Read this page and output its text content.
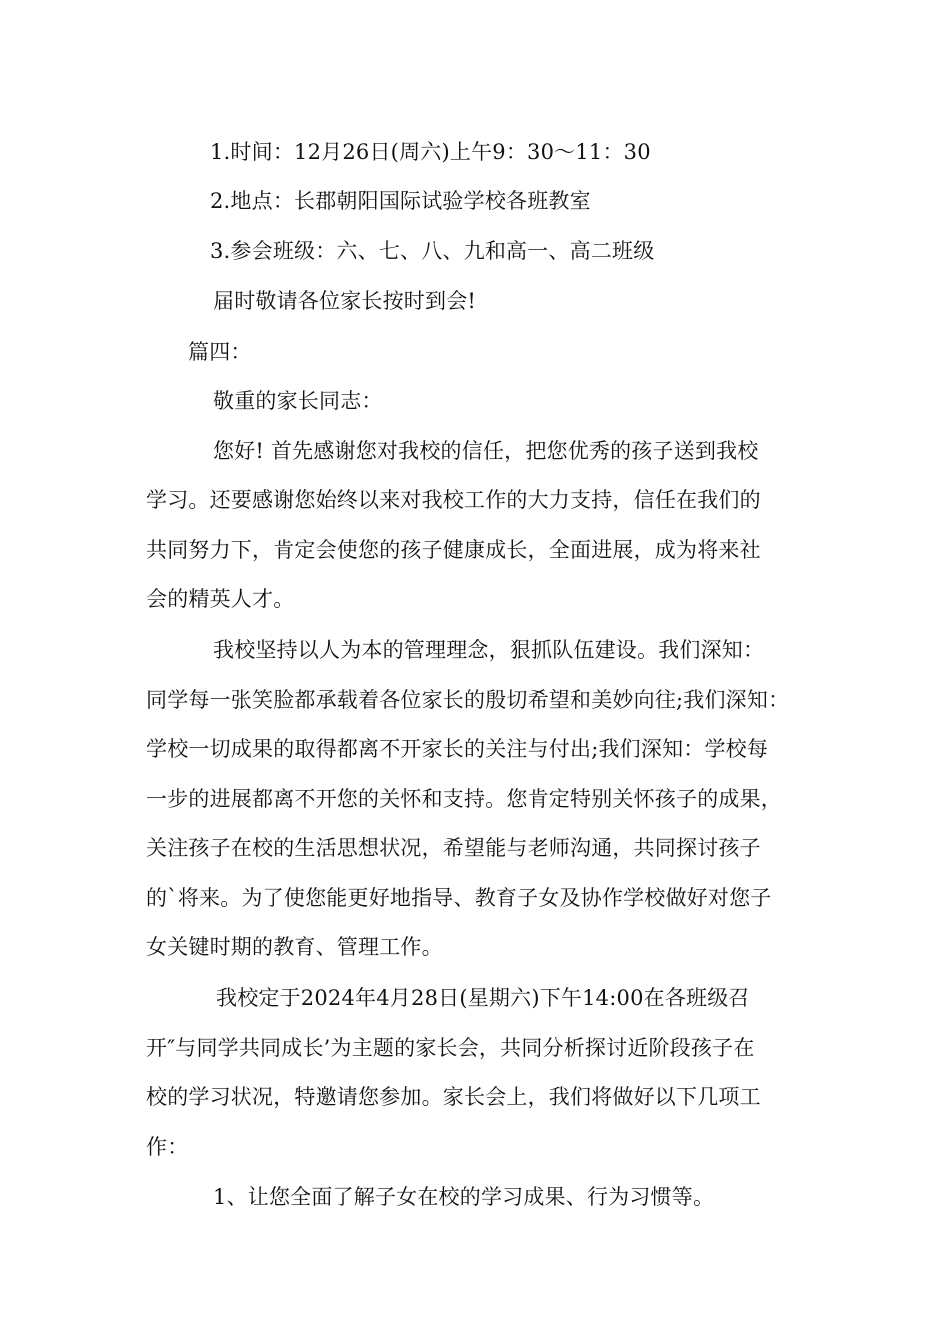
1.时间：12月26日(周六)上午9：30～11：30
2.地点：长郡朝阳国际试验学校各班教室
3.参会班级：六、七、八、九和高一、高二班级
届时敬请各位家长按时到会!
篇四：
敬重的家长同志：
您好! 首先感谢您对我校的信任，把您优秀的孩子送到我校
学习。还要感谢您始终以来对我校工作的大力支持，信任在我们的
共同努力下，肯定会使您的孩子健康成长，全面进展，成为将来社
会的精英人才。
我校坚持以人为本的管理理念，狠抓队伍建设。我们深知：
同学每一张笑脸都承载着各位家长的殷切希望和美妙向往;我们深知：
学校一切成果的取得都离不开家长的关注与付出;我们深知：学校每
一步的进展都离不开您的关怀和支持。您肯定特别关怀孩子的成果，
关注孩子在校的生活思想状况，希望能与老师沟通，共同探讨孩子
的`将来。为了使您能更好地指导、教育子女及协作学校做好对您子
女关键时期的教育、管理工作。
我校定于2024年4月28日(星期六)下午14:00在各班级召
开″与同学共同成长’为主题的家长会，共同分析探讨近阶段孩子在
校的学习状况，特邀请您参加。家长会上，我们将做好以下几项工
作：
1、让您全面了解子女在校的学习成果、行为习惯等。
